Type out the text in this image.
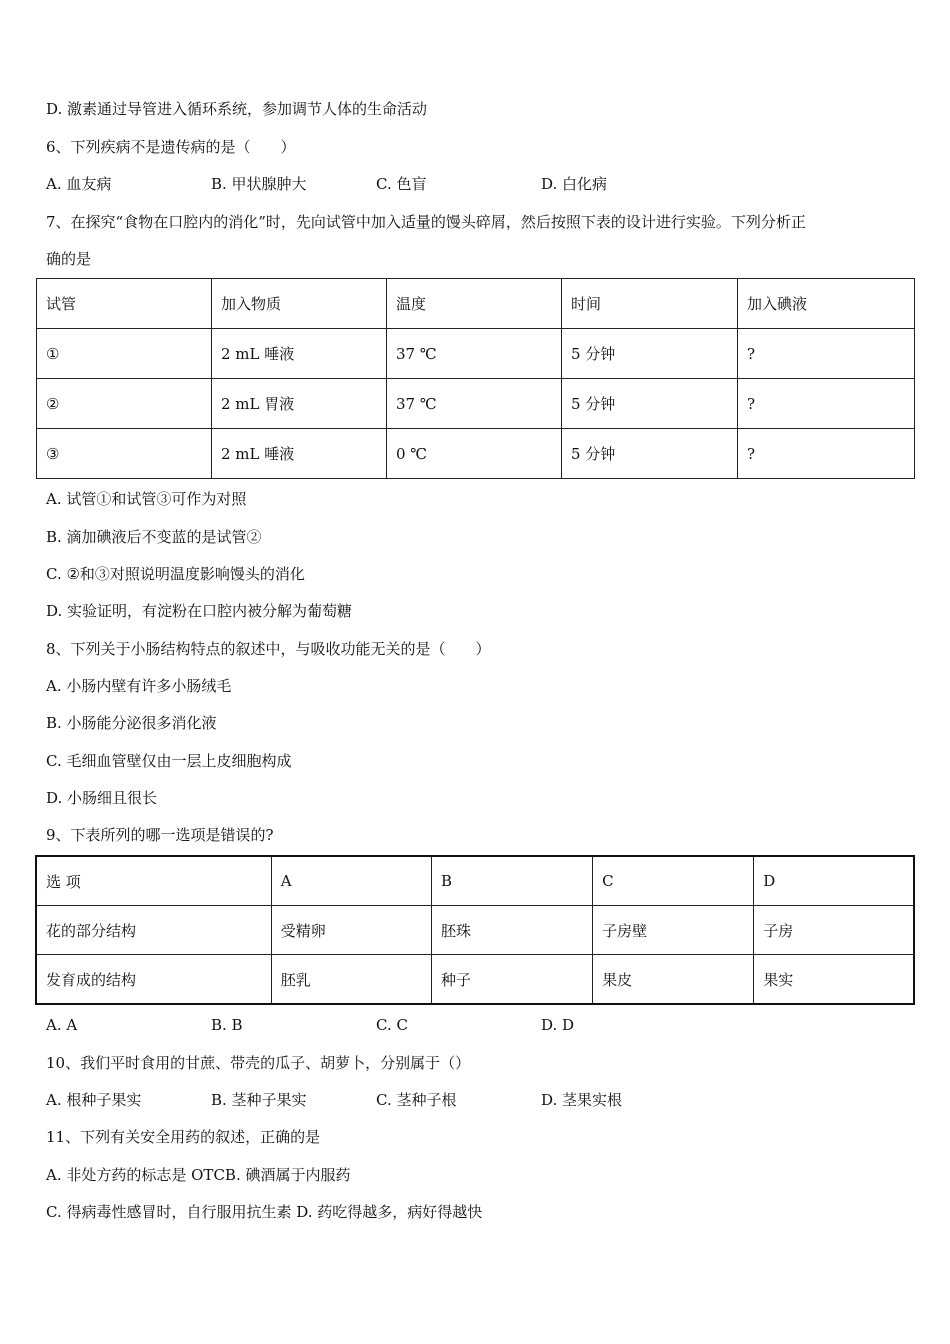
D. 激素通过导管进入循环系统，参加调节人体的生命活动
6、下列疾病不是遗传病的是（　　）
A. 血友病	B. 甲状腺肿大	C. 色盲	D. 白化病
7、在探究“食物在口腔内的消化”时，先向试管中加入适量的馒头碎屑，然后按照下表的设计进行实验。下列分析正
确的是
试管	加入物质	温度	时间	加入碘液
①	2 mL 唾液	37 ℃	5 分钟	?
②	2 mL 胃液	37 ℃	5 分钟	?
③	2 mL 唾液	0 ℃	5 分钟	?
A. 试管①和试管③可作为对照
B. 滴加碘液后不变蓝的是试管②
C. ②和③对照说明温度影响馒头的消化
D. 实验证明，有淀粉在口腔内被分解为葡萄糖
8、下列关于小肠结构特点的叙述中，与吸收功能无关的是（　　）
A. 小肠内壁有许多小肠绒毛
B. 小肠能分泌很多消化液
C. 毛细血管壁仅由一层上皮细胞构成
D. 小肠细且很长
9、下表所列的哪一选项是错误的?
选 项	A	B	C	D
花的部分结构	受精卵	胚珠	子房壁	子房
发育成的结构	胚乳	种子	果皮	果实
A. A	B. B	C. C	D. D
10、我们平时食用的甘蔗、带壳的瓜子、胡萝卜，分别属于（）
A. 根种子果实	B. 茎种子果实	C. 茎种子根	D. 茎果实根
11、下列有关安全用药的叙述，正确的是
A. 非处方药的标志是 OTCB. 碘酒属于内服药
C. 得病毒性感冒时，自行服用抗生素 D. 药吃得越多，病好得越快
